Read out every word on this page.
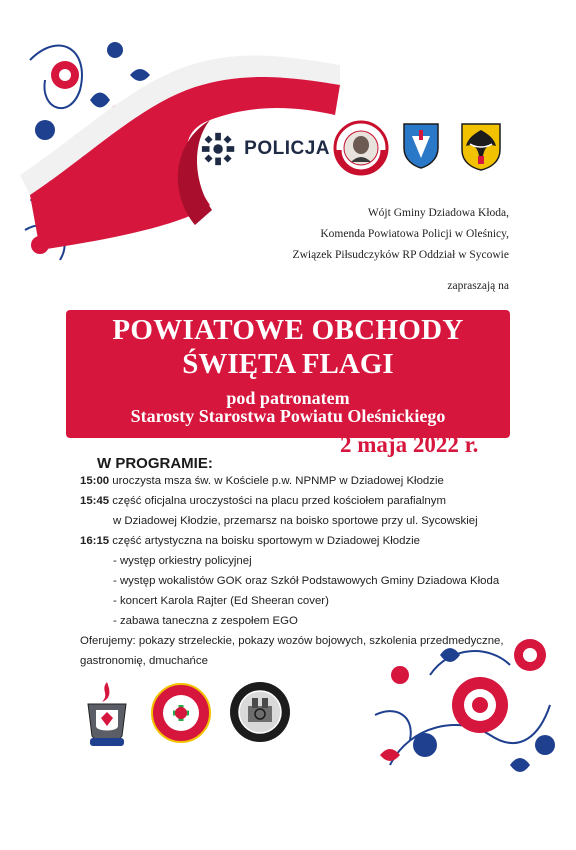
POLICJA
Wójt Gminy Dziadowa Kłoda,
Komenda Powiatowa Policji w Oleśnicy,
Związek Piłsudczyków RP Oddział w Sycowie
zapraszają na
POWIATOWE OBCHODY
ŚWIĘTA FLAGI
pod patronatem
Starosty Starostwa Powiatu Oleśnickiego
2 maja 2022 r.
W PROGRAMIE:
15:00 uroczysta msza św. w Kościele p.w. NPNMP w Dziadowej Kłodzie
15:45 część oficjalna uroczystości na placu przed kościołem parafialnym
w Dziadowej Kłodzie, przemarsz na boisko sportowe przy ul. Sycowskiej
16:15 część artystyczna na boisku sportowym w Dziadowej Kłodzie
- występ orkiestry policyjnej
- występ wokalistów GOK oraz Szkół Podstawowych Gminy Dziadowa Kłoda
- koncert Karola Rajter (Ed Sheeran cover)
- zabawa taneczna z zespołem EGO
Oferujemy: pokazy strzeleckie, pokazy wozów bojowych, szkolenia przedmedyczne,
gastronomię, dmuchańce
